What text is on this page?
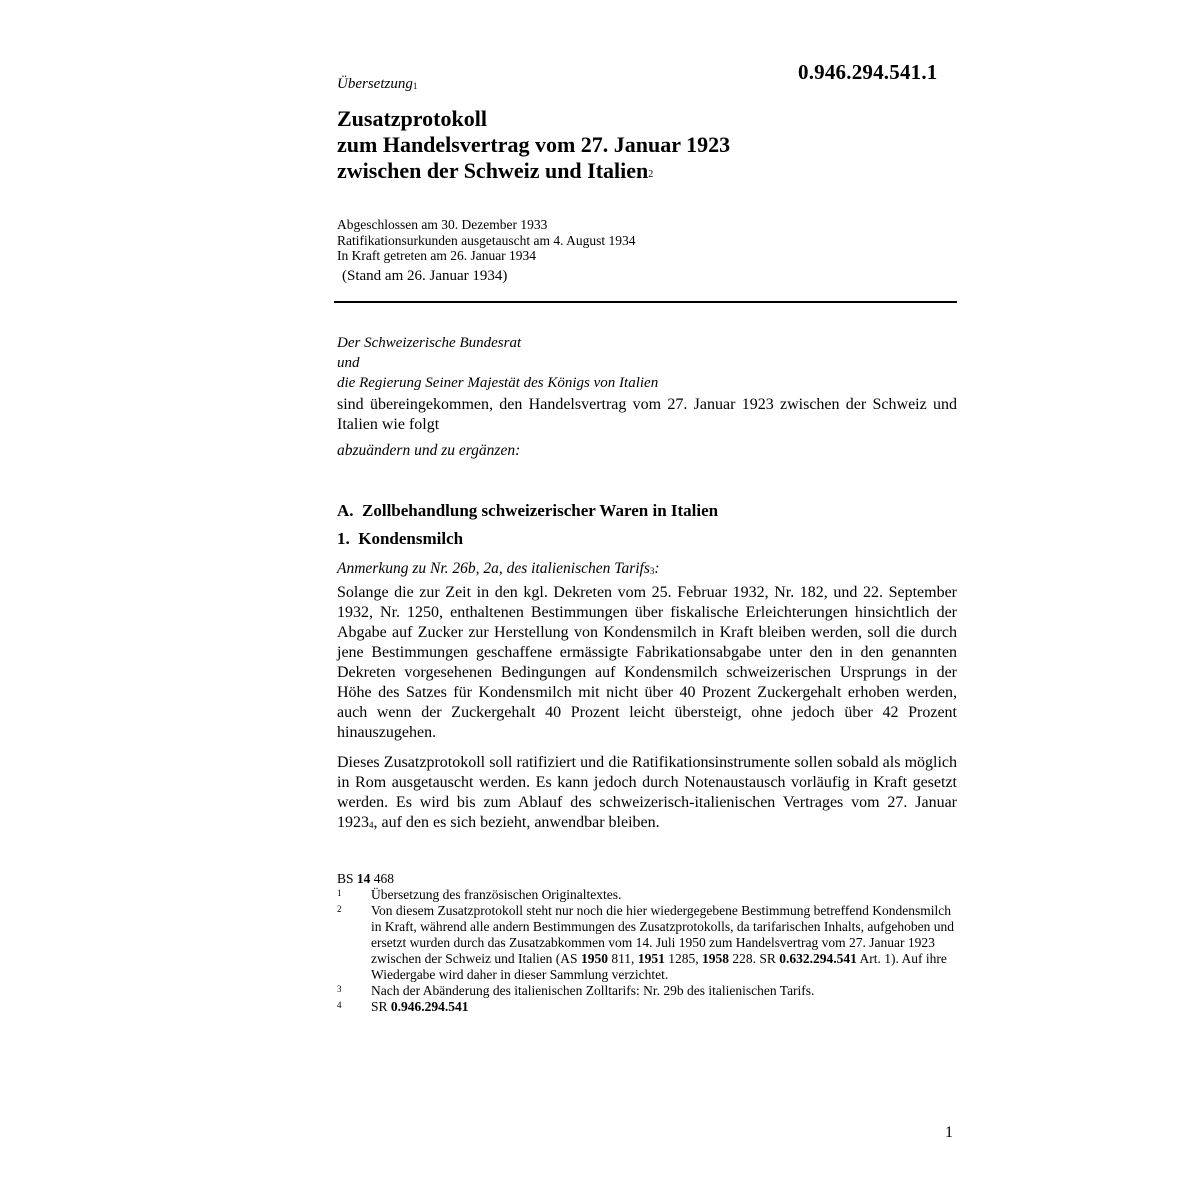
0.946.294.541.1
Übersetzung$^1$
Zusatzprotokoll
zum Handelsvertrag vom 27. Januar 1923
zwischen der Schweiz und Italien$^2$
Abgeschlossen am 30. Dezember 1933
Ratifikationsurkunden ausgetauscht am 4. August 1934
In Kraft getreten am 26. Januar 1934
(Stand am 26. Januar 1934)
Der Schweizerische Bundesrat
und
die Regierung Seiner Majestät des Königs von Italien
sind übereingekommen, den Handelsvertrag vom 27. Januar 1923 zwischen der Schweiz und Italien wie folgt
abzuändern und zu ergänzen:
A.  Zollbehandlung schweizerischer Waren in Italien
1.  Kondensmilch
Anmerkung zu Nr. 26b, 2a, des italienischen Tarifs$^3$:
Solange die zur Zeit in den kgl. Dekreten vom 25. Februar 1932, Nr. 182, und 22. September 1932, Nr. 1250, enthaltenen Bestimmungen über fiskalische Erleichterungen hinsichtlich der Abgabe auf Zucker zur Herstellung von Kondensmilch in Kraft bleiben werden, soll die durch jene Bestimmungen geschaffene ermässigte Fabrikationsabgabe unter den in den genannten Dekreten vorgesehenen Bedingungen auf Kondensmilch schweizerischen Ursprungs in der Höhe des Satzes für Kondensmilch mit nicht über 40 Prozent Zuckergehalt erhoben werden, auch wenn der Zuckergehalt 40 Prozent leicht übersteigt, ohne jedoch über 42 Prozent hinauszugehen.
Dieses Zusatzprotokoll soll ratifiziert und die Ratifikationsinstrumente sollen sobald als möglich in Rom ausgetauscht werden. Es kann jedoch durch Notenaustausch vorläufig in Kraft gesetzt werden. Es wird bis zum Ablauf des schweizerisch-italienischen Vertrages vom 27. Januar 1923$^4$, auf den es sich bezieht, anwendbar bleiben.
BS 14 468
1	Übersetzung des französischen Originaltextes.
2	Von diesem Zusatzprotokoll steht nur noch die hier wiedergegebene Bestimmung betreffend Kondensmilch in Kraft, während alle andern Bestimmungen des Zusatzprotokolls, da tarifarischen Inhalts, aufgehoben und ersetzt wurden durch das Zusatzabkommen vom 14. Juli 1950 zum Handelsvertrag vom 27. Januar 1923 zwischen der Schweiz und Italien (AS 1950 811, 1951 1285, 1958 228. SR 0.632.294.541 Art. 1). Auf ihre Wiedergabe wird daher in dieser Sammlung verzichtet.
3	Nach der Abänderung des italienischen Zolltarifs: Nr. 29b des italienischen Tarifs.
4	SR 0.946.294.541
1
